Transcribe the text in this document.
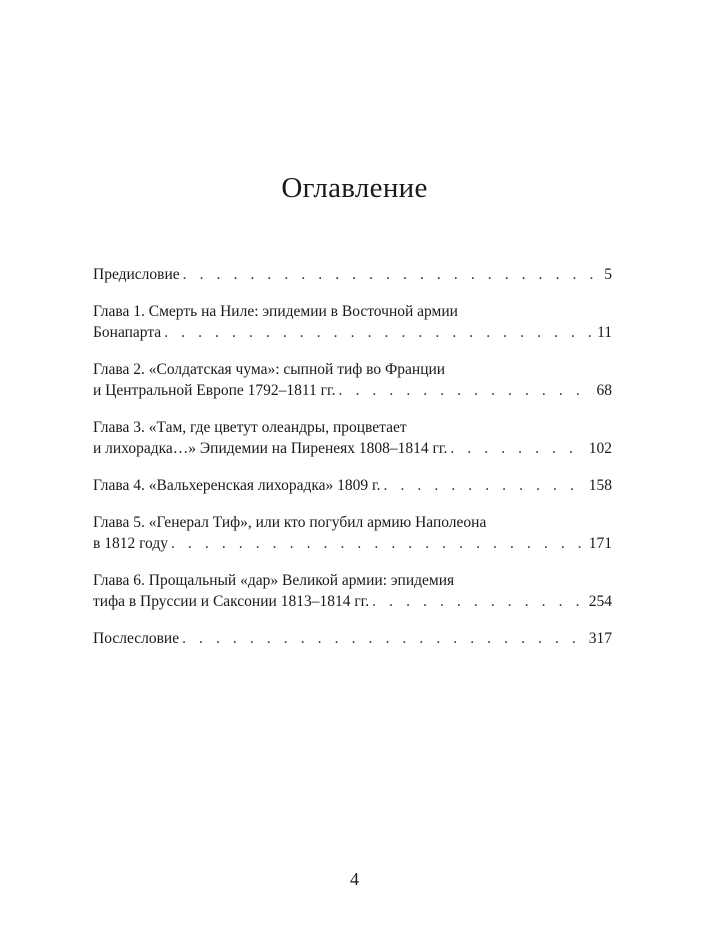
Оглавление
Предисловие . . .	5
Глава 1. Смерть на Ниле: эпидемии в Восточной армии
Бонапарта . . .	11
Глава 2. «Солдатская чума»: сыпной тиф во Франции
и Центральной Европе 1792–1811 гг. . . .	68
Глава 3. «Там, где цветут олеандры, процветает
и лихорадка…» Эпидемии на Пиренеях 1808–1814 гг. . . .	102
Глава 4. «Вальхеренская лихорадка» 1809 г. . . .	158
Глава 5. «Генерал Тиф», или кто погубил армию Наполеона
в 1812 году . . .	171
Глава 6. Прощальный «дар» Великой армии: эпидемия
тифа в Пруссии и Саксонии 1813–1814 гг. . . .	254
Послесловие . . .	317
4
